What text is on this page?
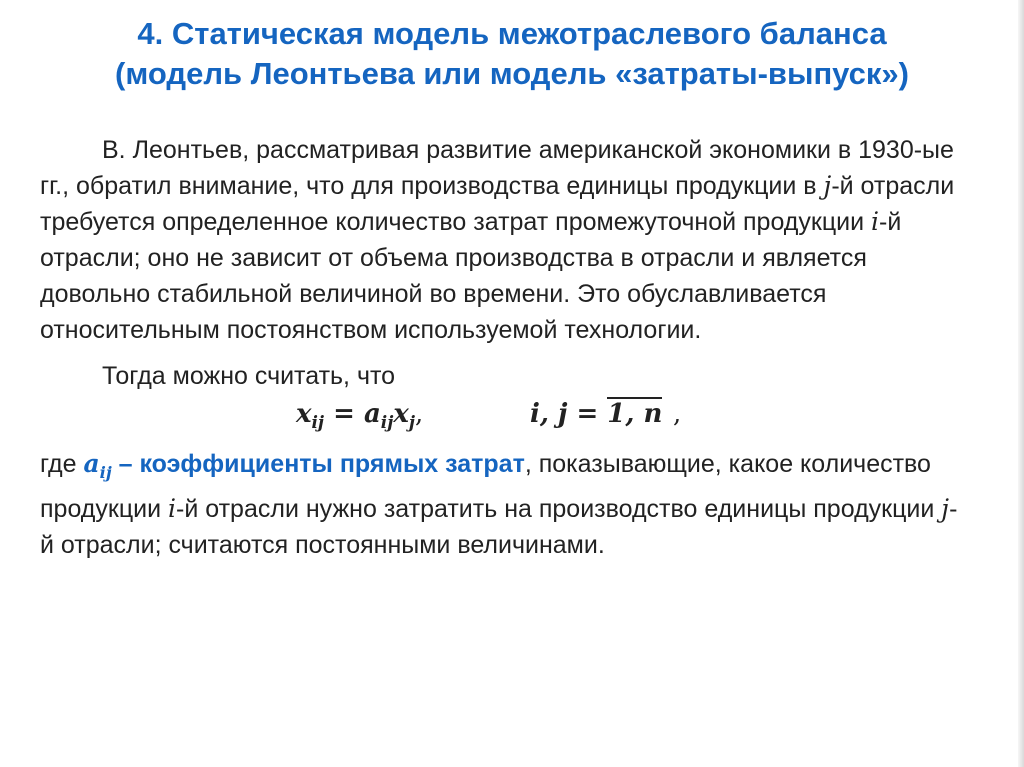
4. Статическая модель межотраслевого баланса
(модель Леонтьева или модель «затраты-выпуск»)

В. Леонтьев, рассматривая развитие американской экономики в 1930-ые гг., обратил внимание, что для производства единицы продукции в j-й отрасли требуется определенное количество затрат промежуточной продукции i-й отрасли; оно не зависит от объема производства в отрасли и является довольно стабильной величиной во времени. Это обуславливается относительным постоянством используемой технологии.

Тогда можно считать, что

$x_{ij} = a_{ij}x_j$,	i, j = 1, n ,

где $a_{ij}$ – коэффициенты прямых затрат, показывающие, какое количество продукции i-й отрасли нужно затратить на производство единицы продукции j-й отрасли; считаются постоянными величинами.
